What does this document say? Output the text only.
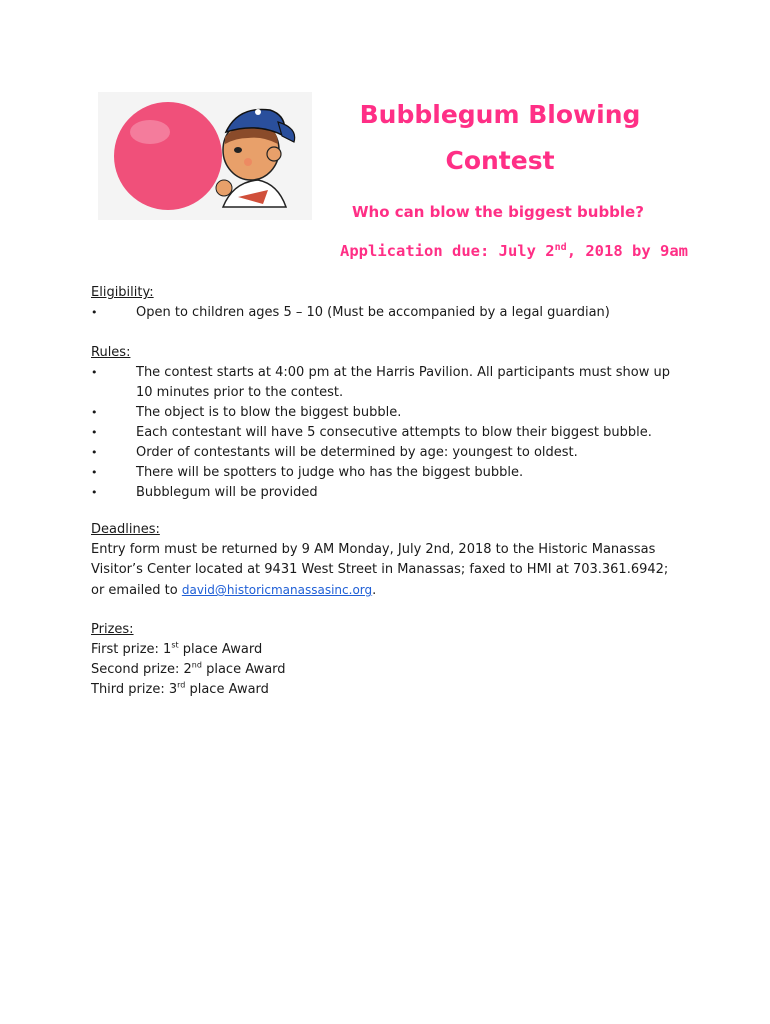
Bubblegum Blowing
Contest
Who can blow the biggest bubble?
Application due: July 2nd, 2018 by 9am
Eligibility:
• Open to children ages 5 – 10 (Must be accompanied by a legal guardian)
Rules:
• The contest starts at 4:00 pm at the Harris Pavilion. All participants must show up 10 minutes prior to the contest.
• The object is to blow the biggest bubble.
• Each contestant will have 5 consecutive attempts to blow their biggest bubble.
• Order of contestants will be determined by age: youngest to oldest.
• There will be spotters to judge who has the biggest bubble.
• Bubblegum will be provided
Deadlines:
Entry form must be returned by 9 AM Monday, July 2nd, 2018 to the Historic Manassas Visitor’s Center located at 9431 West Street in Manassas; faxed to HMI at 703.361.6942; or emailed to david@historicmanassasinc.org.
Prizes:
First prize: 1st place Award
Second prize: 2nd place Award
Third prize: 3rd place Award
